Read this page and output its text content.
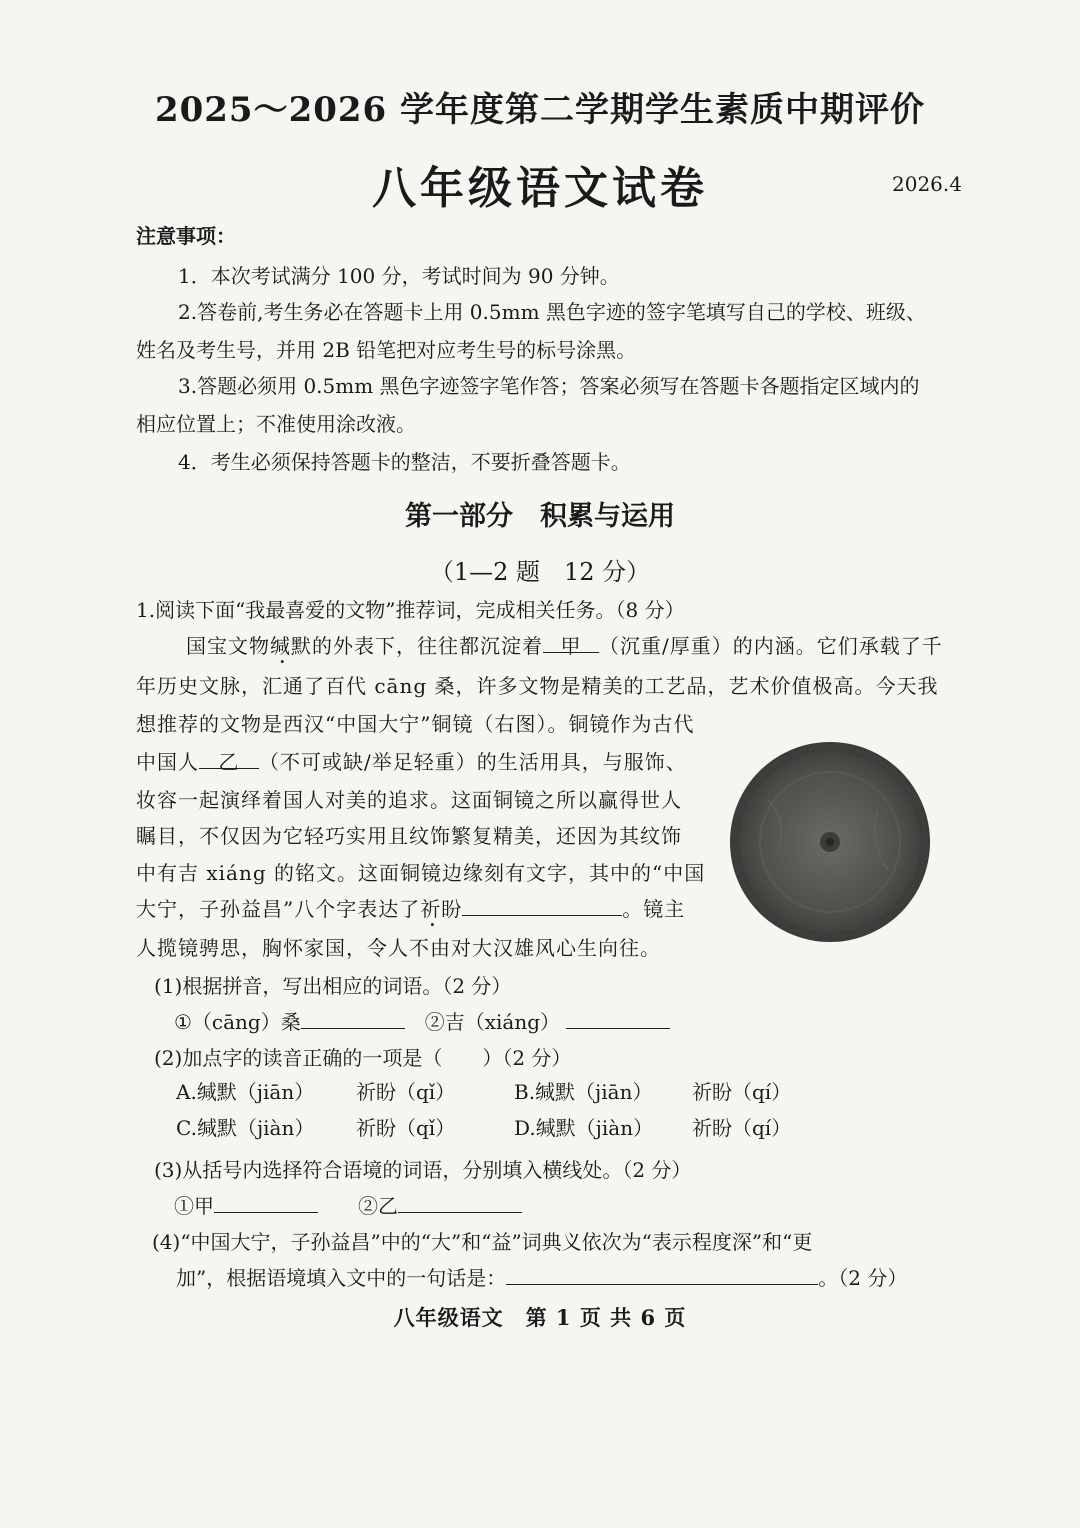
2025～2026 学年度第二学期学生素质中期评价
八年级语文试卷	2026.4
注意事项：
1．本次考试满分 100 分，考试时间为 90 分钟。
2.答卷前,考生务必在答题卡上用 0.5mm 黑色字迹的签字笔填写自己的学校、班级、
姓名及考生号，并用 2B 铅笔把对应考生号的标号涂黑。
3.答题必须用 0.5mm 黑色字迹签字笔作答；答案必须写在答题卡各题指定区域内的
相应位置上；不准使用涂改液。
4．考生必须保持答题卡的整洁，不要折叠答题卡。
第一部分　积累与运用
（1—2 题　12 分）
1.阅读下面“我最喜爱的文物”推荐词，完成相关任务。（8 分）
国宝文物缄默的外表下，往往都沉淀着 甲 （沉重/厚重）的内涵。它们承载了千
年历史文脉，汇通了百代 cāng 桑，许多文物是精美的工艺品，艺术价值极高。今天我
想推荐的文物是西汉“中国大宁”铜镜（右图）。铜镜作为古代
中国人 乙 （不可或缺/举足轻重）的生活用具，与服饰、
妆容一起演绎着国人对美的追求。这面铜镜之所以赢得世人
瞩目，不仅因为它轻巧实用且纹饰繁复精美，还因为其纹饰
中有吉 xiáng 的铭文。这面铜镜边缘刻有文字，其中的“中国
大宁，子孙益昌”八个字表达了祈盼	。镜主
人揽镜骋思，胸怀家国，令人不由对大汉雄风心生向往。
(1)根据拼音，写出相应的词语。（2 分）
①（cāng）桑	②吉（xiáng）
(2)加点字的读音正确的一项是（　　）（2 分）
A.缄默（jiān） 祈盼（qǐ）	B.缄默（jiān） 祈盼（qí）
C.缄默（jiàn） 祈盼（qǐ）	D.缄默（jiàn） 祈盼（qí）
(3)从括号内选择符合语境的词语，分别填入横线处。（2 分）
①甲	②乙
(4)“中国大宁，子孙益昌”中的“大”和“益”词典义依次为“表示程度深”和“更
加”，根据语境填入文中的一句话是：	。（2 分）
八年级语文　第 1 页 共 6 页
